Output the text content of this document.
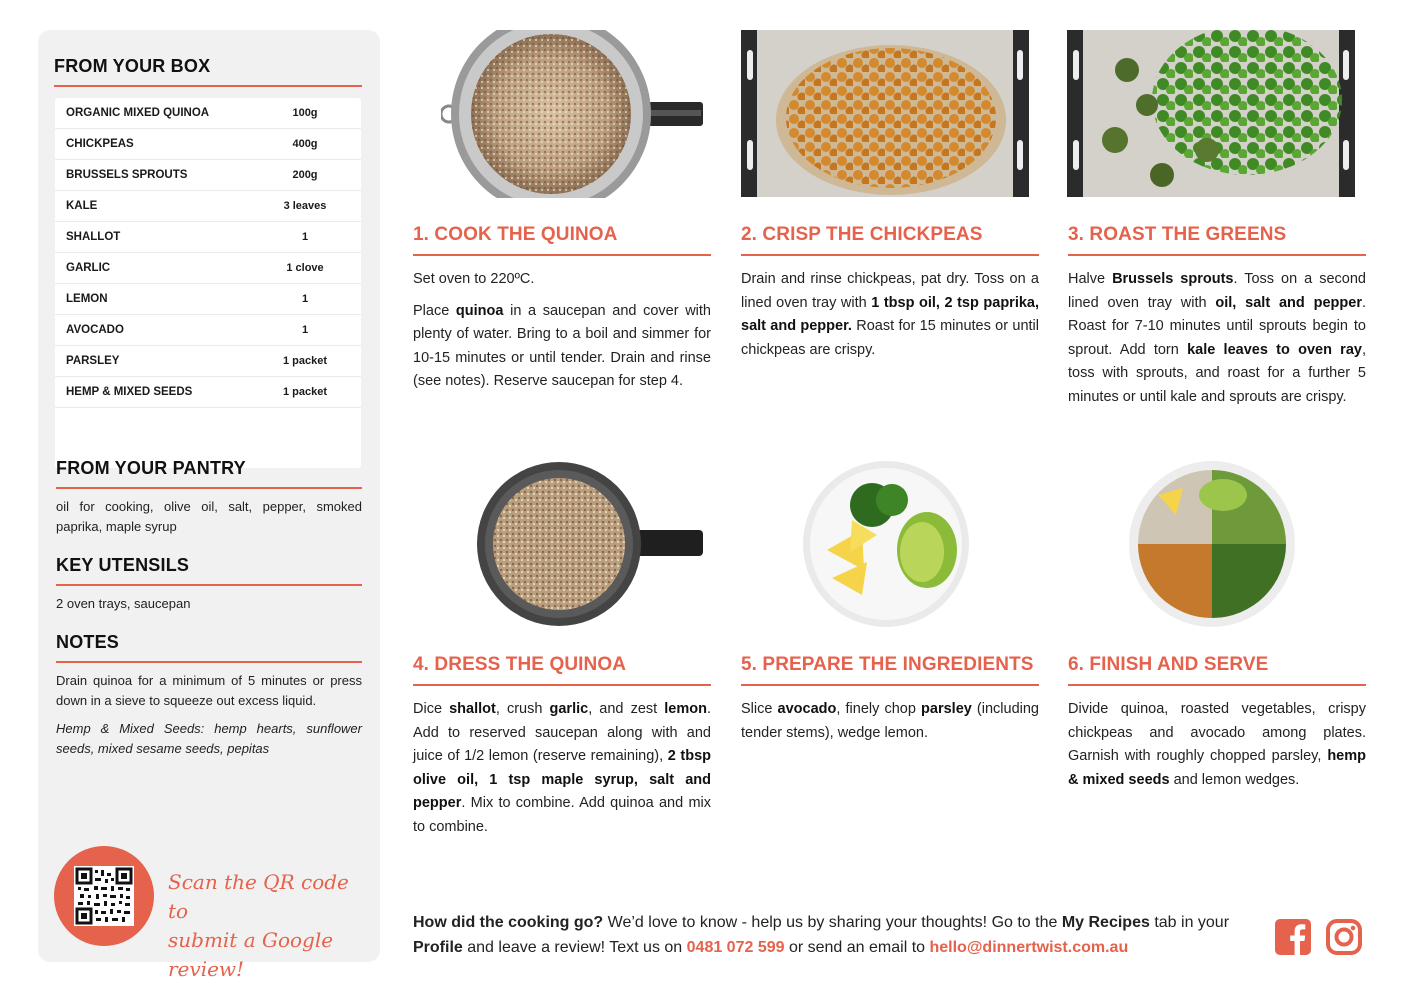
FROM YOUR BOX
ORGANIC MIXED QUINOA	100g
CHICKPEAS	400g
BRUSSELS SPROUTS	200g
KALE	3 leaves
SHALLOT	1
GARLIC	1 clove
LEMON	1
AVOCADO	1
PARSLEY	1 packet
HEMP & MIXED SEEDS	1 packet
FROM YOUR PANTRY
oil for cooking, olive oil, salt, pepper, smoked paprika, maple syrup
KEY UTENSILS
2 oven trays, saucepan
NOTES
Drain quinoa for a minimum of 5 minutes or press down in a sieve to squeeze out excess liquid.
Hemp & Mixed Seeds: hemp hearts, sunflower seeds, mixed sesame seeds, pepitas
Scan the QR code to
submit a Google review!
1. COOK THE QUINOA

Set oven to 220ºC.

Place quinoa in a saucepan and cover with plenty of water. Bring to a boil and simmer for 10-15 minutes or until tender. Drain and rinse (see notes). Reserve saucepan for step 4.

2. CRISP THE CHICKPEAS

Drain and rinse chickpeas, pat dry. Toss on a lined oven tray with 1 tbsp oil, 2 tsp paprika, salt and pepper. Roast for 15 minutes or until chickpeas are crispy.

3. ROAST THE GREENS

Halve Brussels sprouts. Toss on a second lined oven tray with oil, salt and pepper. Roast for 7-10 minutes until sprouts begin to sprout. Add torn kale leaves to oven ray, toss with sprouts, and roast for a further 5 minutes or until kale and sprouts are crispy.

4. DRESS THE QUINOA

Dice shallot, crush garlic, and zest lemon. Add to reserved saucepan along with and juice of 1/2 lemon (reserve remaining), 2 tbsp olive oil, 1 tsp maple syrup, salt and pepper. Mix to combine. Add quinoa and mix to combine.

5. PREPARE THE INGREDIENTS

Slice avocado, finely chop parsley (including tender stems), wedge lemon.

6. FINISH AND SERVE

Divide quinoa, roasted vegetables, crispy chickpeas and avocado among plates. Garnish with roughly chopped parsley, hemp & mixed seeds and lemon wedges.

How did the cooking go? We’d love to know - help us by sharing your thoughts! Go to the My Recipes tab in your Profile and leave a review! Text us on 0481 072 599 or send an email to hello@dinnertwist.com.au
